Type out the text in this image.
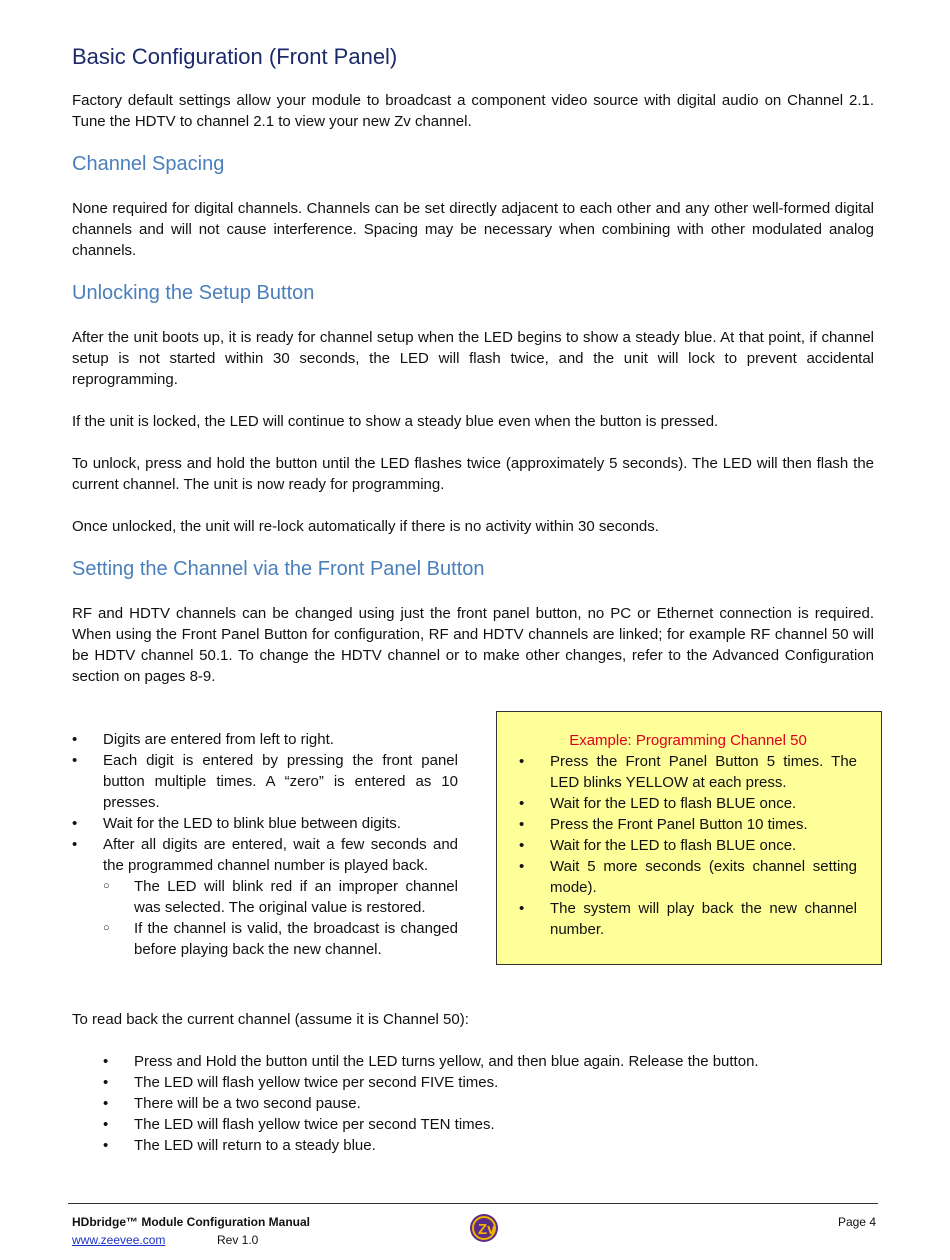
Basic Configuration (Front Panel)

Factory default settings allow your module to broadcast a component video source with digital audio on Channel 2.1. Tune the HDTV to channel 2.1 to view your new Zv channel.

Channel Spacing

None required for digital channels. Channels can be set directly adjacent to each other and any other well-formed digital channels and will not cause interference. Spacing may be necessary when combining with other modulated analog channels.

Unlocking the Setup Button

After the unit boots up, it is ready for channel setup when the LED begins to show a steady blue. At that point, if channel setup is not started within 30 seconds, the LED will flash twice, and the unit will lock to prevent accidental reprogramming.

If the unit is locked, the LED will continue to show a steady blue even when the button is pressed.

To unlock, press and hold the button until the LED flashes twice (approximately 5 seconds). The LED will then flash the current channel. The unit is now ready for programming.

Once unlocked, the unit will re-lock automatically if there is no activity within 30 seconds.

Setting the Channel via the Front Panel Button

RF and HDTV channels can be changed using just the front panel button, no PC or Ethernet connection is required. When using the Front Panel Button for configuration, RF and HDTV channels are linked; for example RF channel 50 will be HDTV channel 50.1. To change the HDTV channel or to make other changes, refer to the Advanced Configuration section on pages 8-9.

• Digits are entered from left to right.
• Each digit is entered by pressing the front panel button multiple times. A “zero” is entered as 10 presses.
• Wait for the LED to blink blue between digits.
• After all digits are entered, wait a few seconds and the programmed channel number is played back.
○ The LED will blink red if an improper channel was selected. The original value is restored.
○ If the channel is valid, the broadcast is changed before playing back the new channel.
Example: Programming Channel 50
• Press the Front Panel Button 5 times. The LED blinks YELLOW at each press.
• Wait for the LED to flash BLUE once.
• Press the Front Panel Button 10 times.
• Wait for the LED to flash BLUE once.
• Wait 5 more seconds (exits channel setting mode).
• The system will play back the new channel number.

To read back the current channel (assume it is Channel 50):

• Press and Hold the button until the LED turns yellow, and then blue again. Release the button.
• The LED will flash yellow twice per second FIVE times.
• There will be a two second pause.
• The LED will flash yellow twice per second TEN times.
• The LED will return to a steady blue.
HDbridge™ Module Configuration Manual
www.zeevee.com	Rev 1.0
Zv	Page 4
